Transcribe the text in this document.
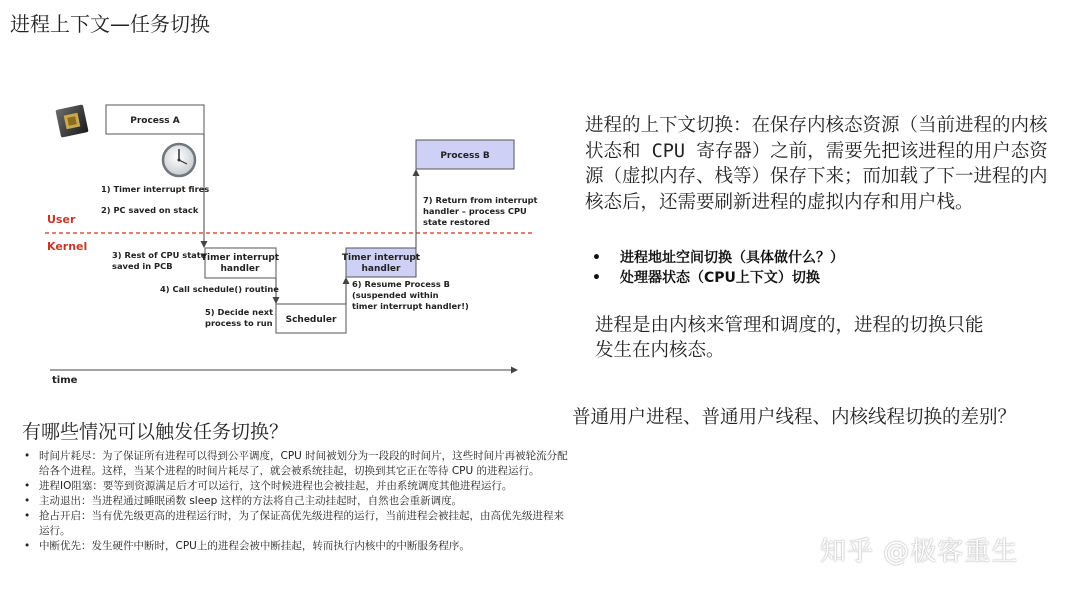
进程上下文—任务切换
User
Kernel
Process A
Process B
Timer interrupt
handler
Timer interrupt
handler
Scheduler
1) Timer interrupt fires
2) PC saved on stack
3) Rest of CPU state
saved in PCB
4) Call schedule() routine
5) Decide next
process to run
6) Resume Process B
(suspended within
timer interrupt handler!)
7) Return from interrupt
handler – process CPU
state restored
time
进程的上下文切换：在保存内核态资源（当前进程的内核状态和 CPU 寄存器）之前，需要先把该进程的用户态资源（虚拟内存、栈等）保存下来；而加载了下一进程的内核态后，还需要刷新进程的虚拟内存和用户栈。
• 进程地址空间切换（具体做什么？）
• 处理器状态（CPU上下文）切换
进程是由内核来管理和调度的，进程的切换只能发生在内核态。
普通用户进程、普通用户线程、内核线程切换的差别？
有哪些情况可以触发任务切换？
• 时间片耗尽：为了保证所有进程可以得到公平调度，CPU 时间被划分为一段段的时间片，这些时间片再被轮流分配给各个进程。这样，当某个进程的时间片耗尽了，就会被系统挂起，切换到其它正在等待 CPU 的进程运行。
• 进程IO阻塞：要等到资源满足后才可以运行，这个时候进程也会被挂起，并由系统调度其他进程运行。
• 主动退出：当进程通过睡眠函数 sleep 这样的方法将自己主动挂起时，自然也会重新调度。
• 抢占开启：当有优先级更高的进程运行时，为了保证高优先级进程的运行，当前进程会被挂起，由高优先级进程来运行。
• 中断优先：发生硬件中断时，CPU上的进程会被中断挂起，转而执行内核中的中断服务程序。	知乎 @极客重生
